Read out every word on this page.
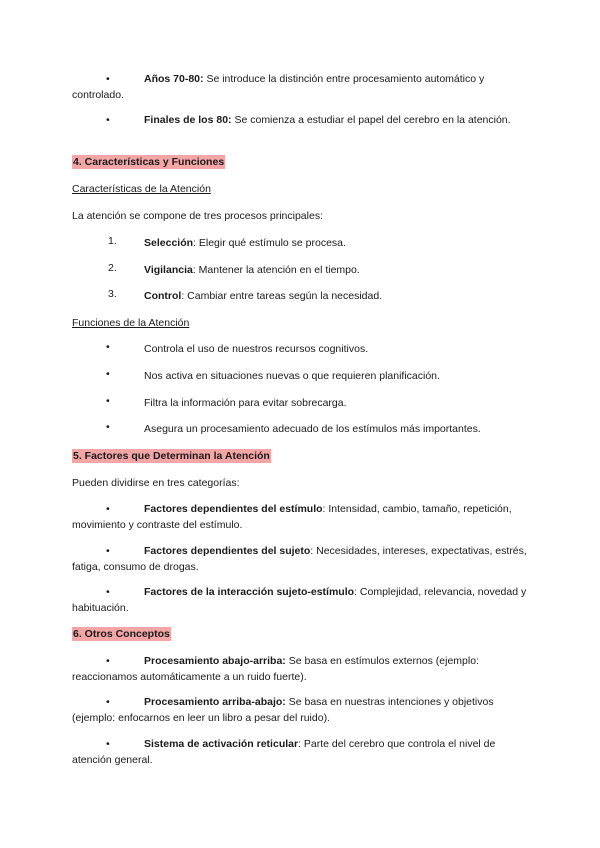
•	Años 70-80: Se introduce la distinción entre procesamiento automático y controlado.
•	Finales de los 80: Se comienza a estudiar el papel del cerebro en la atención.
4. Características y Funciones
Características de la Atención
La atención se compone de tres procesos principales:
1.	Selección: Elegir qué estímulo se procesa.
2.	Vigilancia: Mantener la atención en el tiempo.
3.	Control: Cambiar entre tareas según la necesidad.
Funciones de la Atención
•	Controla el uso de nuestros recursos cognitivos.
•	Nos activa en situaciones nuevas o que requieren planificación.
•	Filtra la información para evitar sobrecarga.
•	Asegura un procesamiento adecuado de los estímulos más importantes.
5. Factores que Determinan la Atención
Pueden dividirse en tres categorías:
•	Factores dependientes del estímulo: Intensidad, cambio, tamaño, repetición, movimiento y contraste del estímulo.
•	Factores dependientes del sujeto: Necesidades, intereses, expectativas, estrés, fatiga, consumo de drogas.
•	Factores de la interacción sujeto-estímulo: Complejidad, relevancia, novedad y habituación.
6. Otros Conceptos
•	Procesamiento abajo-arriba: Se basa en estímulos externos (ejemplo: reaccionamos automáticamente a un ruido fuerte).
•	Procesamiento arriba-abajo: Se basa en nuestras intenciones y objetivos (ejemplo: enfocarnos en leer un libro a pesar del ruido).
•	Sistema de activación reticular: Parte del cerebro que controla el nivel de atención general.
